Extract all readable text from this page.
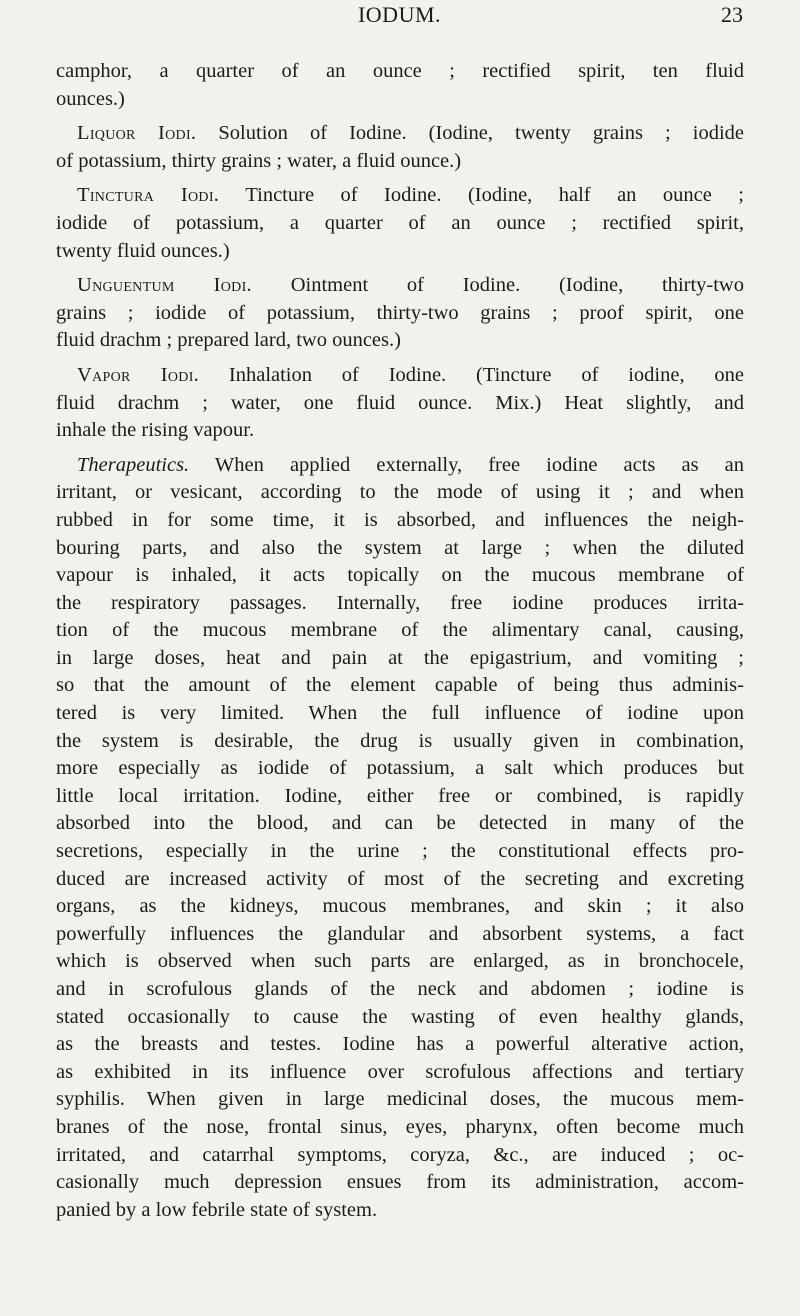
IODUM.	23
camphor, a quarter of an ounce ; rectified spirit, ten fluid
ounces.)
Liquor Iodi. Solution of Iodine. (Iodine, twenty grains ; iodide
of potassium, thirty grains ; water, a fluid ounce.)
Tinctura Iodi. Tincture of Iodine. (Iodine, half an ounce ;
iodide of potassium, a quarter of an ounce ; rectified spirit,
twenty fluid ounces.)
Unguentum Iodi. Ointment of Iodine. (Iodine, thirty-two
grains ; iodide of potassium, thirty-two grains ; proof spirit, one
fluid drachm ; prepared lard, two ounces.)
Vapor Iodi. Inhalation of Iodine. (Tincture of iodine, one
fluid drachm ; water, one fluid ounce. Mix.) Heat slightly, and
inhale the rising vapour.
Therapeutics. When applied externally, free iodine acts as an
irritant, or vesicant, according to the mode of using it ; and when
rubbed in for some time, it is absorbed, and influences the neigh-
bouring parts, and also the system at large ; when the diluted
vapour is inhaled, it acts topically on the mucous membrane of
the respiratory passages. Internally, free iodine produces irrita-
tion of the mucous membrane of the alimentary canal, causing,
in large doses, heat and pain at the epigastrium, and vomiting ;
so that the amount of the element capable of being thus adminis-
tered is very limited. When the full influence of iodine upon
the system is desirable, the drug is usually given in combination,
more especially as iodide of potassium, a salt which produces but
little local irritation. Iodine, either free or combined, is rapidly
absorbed into the blood, and can be detected in many of the
secretions, especially in the urine ; the constitutional effects pro-
duced are increased activity of most of the secreting and excreting
organs, as the kidneys, mucous membranes, and skin ; it also
powerfully influences the glandular and absorbent systems, a fact
which is observed when such parts are enlarged, as in bronchocele,
and in scrofulous glands of the neck and abdomen ; iodine is
stated occasionally to cause the wasting of even healthy glands,
as the breasts and testes. Iodine has a powerful alterative action,
as exhibited in its influence over scrofulous affections and tertiary
syphilis. When given in large medicinal doses, the mucous mem-
branes of the nose, frontal sinus, eyes, pharynx, often become much
irritated, and catarrhal symptoms, coryza, &c., are induced ; oc-
casionally much depression ensues from its administration, accom-
panied by a low febrile state of system.
